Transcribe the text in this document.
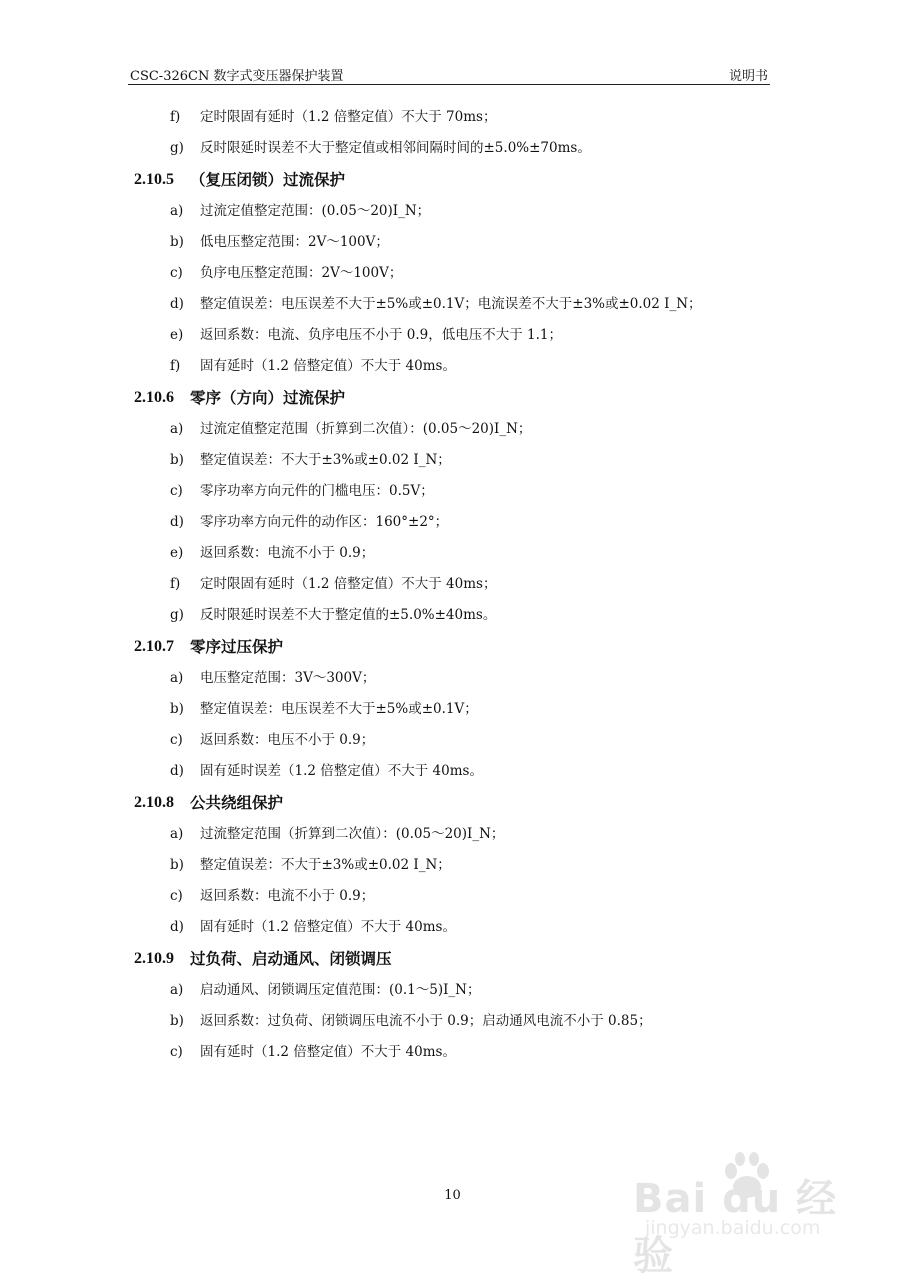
CSC-326CN 数字式变压器保护装置	说明书
f) 定时限固有延时（1.2 倍整定值）不大于 70ms；
g) 反时限延时误差不大于整定值或相邻间隔时间的±5.0%±70ms。
2.10.5 （复压闭锁）过流保护
a) 过流定值整定范围：(0.05～20)I_N；
b) 低电压整定范围：2V～100V；
c) 负序电压整定范围：2V～100V；
d) 整定值误差：电压误差不大于±5%或±0.1V；电流误差不大于±3%或±0.02 I_N；
e) 返回系数：电流、负序电压不小于 0.9，低电压不大于 1.1；
f) 固有延时（1.2 倍整定值）不大于 40ms。
2.10.6 零序（方向）过流保护
a) 过流定值整定范围（折算到二次值）：(0.05～20)I_N；
b) 整定值误差：不大于±3%或±0.02 I_N；
c) 零序功率方向元件的门槛电压：0.5V；
d) 零序功率方向元件的动作区：160°±2°；
e) 返回系数：电流不小于 0.9；
f) 定时限固有延时（1.2 倍整定值）不大于 40ms；
g) 反时限延时误差不大于整定值的±5.0%±40ms。
2.10.7 零序过压保护
a) 电压整定范围：3V～300V；
b) 整定值误差：电压误差不大于±5%或±0.1V；
c) 返回系数：电压不小于 0.9；
d) 固有延时误差（1.2 倍整定值）不大于 40ms。
2.10.8 公共绕组保护
a) 过流整定范围（折算到二次值）：(0.05～20)I_N；
b) 整定值误差：不大于±3%或±0.02 I_N；
c) 返回系数：电流不小于 0.9；
d) 固有延时（1.2 倍整定值）不大于 40ms。
2.10.9 过负荷、启动通风、闭锁调压
a) 启动通风、闭锁调压定值范围：(0.1～5)I_N；
b) 返回系数：过负荷、闭锁调压电流不小于 0.9；启动通风电流不小于 0.85；
c) 固有延时（1.2 倍整定值）不大于 40ms。
10	Bai du 经验
jingyan.baidu.com
